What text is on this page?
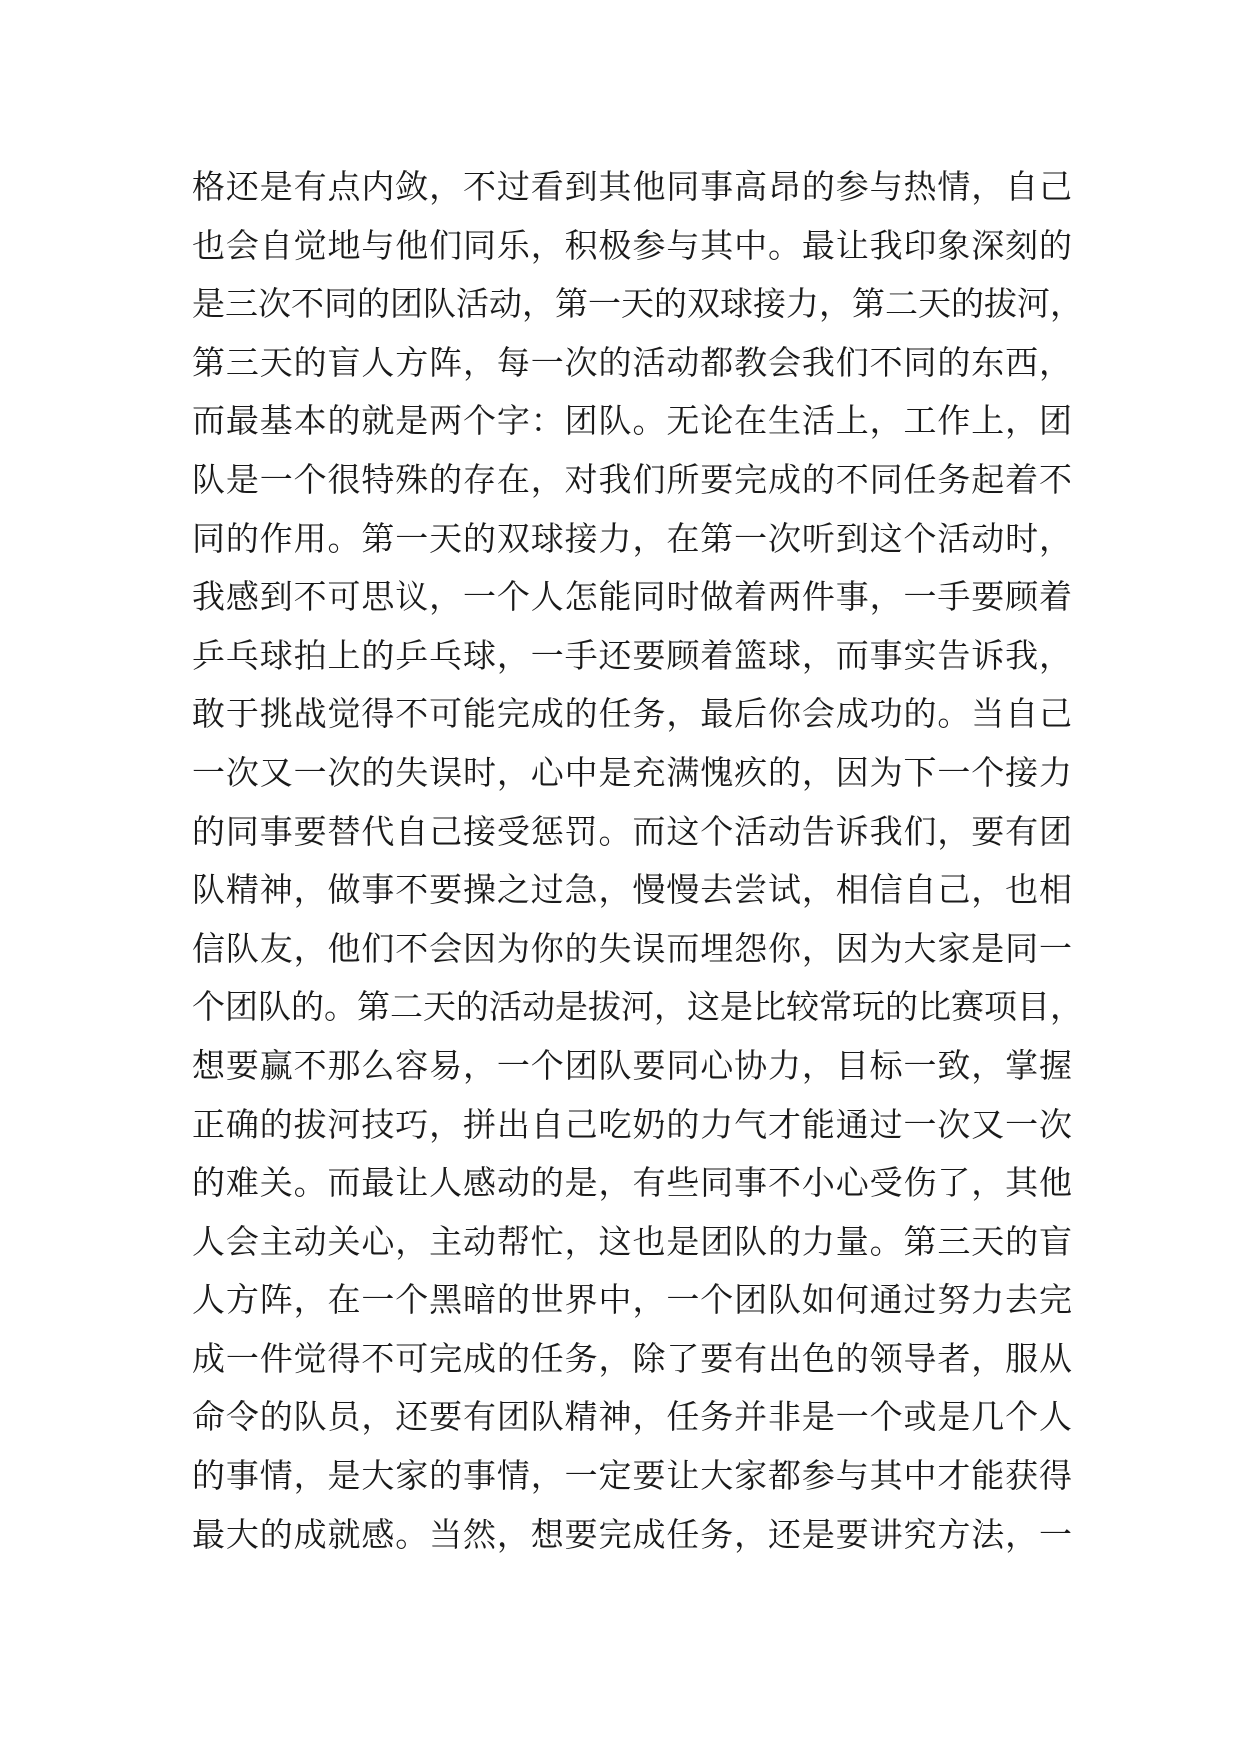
格还是有点内敛，不过看到其他同事高昂的参与热情，自己
也会自觉地与他们同乐，积极参与其中。最让我印象深刻的
是三次不同的团队活动，第一天的双球接力，第二天的拔河，
第三天的盲人方阵，每一次的活动都教会我们不同的东西，
而最基本的就是两个字：团队。无论在生活上，工作上，团
队是一个很特殊的存在，对我们所要完成的不同任务起着不
同的作用。第一天的双球接力，在第一次听到这个活动时，
我感到不可思议，一个人怎能同时做着两件事，一手要顾着
乒乓球拍上的乒乓球，一手还要顾着篮球，而事实告诉我，
敢于挑战觉得不可能完成的任务，最后你会成功的。当自己
一次又一次的失误时，心中是充满愧疚的，因为下一个接力
的同事要替代自己接受惩罚。而这个活动告诉我们，要有团
队精神，做事不要操之过急，慢慢去尝试，相信自己，也相
信队友，他们不会因为你的失误而埋怨你，因为大家是同一
个团队的。第二天的活动是拔河，这是比较常玩的比赛项目，
想要赢不那么容易，一个团队要同心协力，目标一致，掌握
正确的拔河技巧，拼出自己吃奶的力气才能通过一次又一次
的难关。而最让人感动的是，有些同事不小心受伤了，其他
人会主动关心，主动帮忙，这也是团队的力量。第三天的盲
人方阵，在一个黑暗的世界中，一个团队如何通过努力去完
成一件觉得不可完成的任务，除了要有出色的领导者，服从
命令的队员，还要有团队精神，任务并非是一个或是几个人
的事情，是大家的事情，一定要让大家都参与其中才能获得
最大的成就感。当然，想要完成任务，还是要讲究方法，一
